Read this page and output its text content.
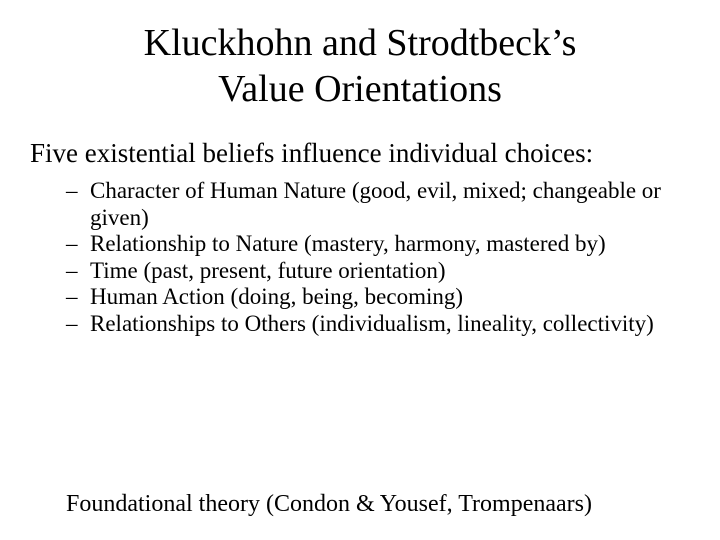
Kluckhohn and Strodtbeck’s
Value Orientations

Five existential beliefs influence individual choices:

– Character of Human Nature (good, evil, mixed; changeable or given)
– Relationship to Nature (mastery, harmony, mastered by)
– Time (past, present, future orientation)
– Human Action (doing, being, becoming)
– Relationships to Others (individualism, lineality, collectivity)

Foundational theory (Condon & Yousef, Trompenaars)
